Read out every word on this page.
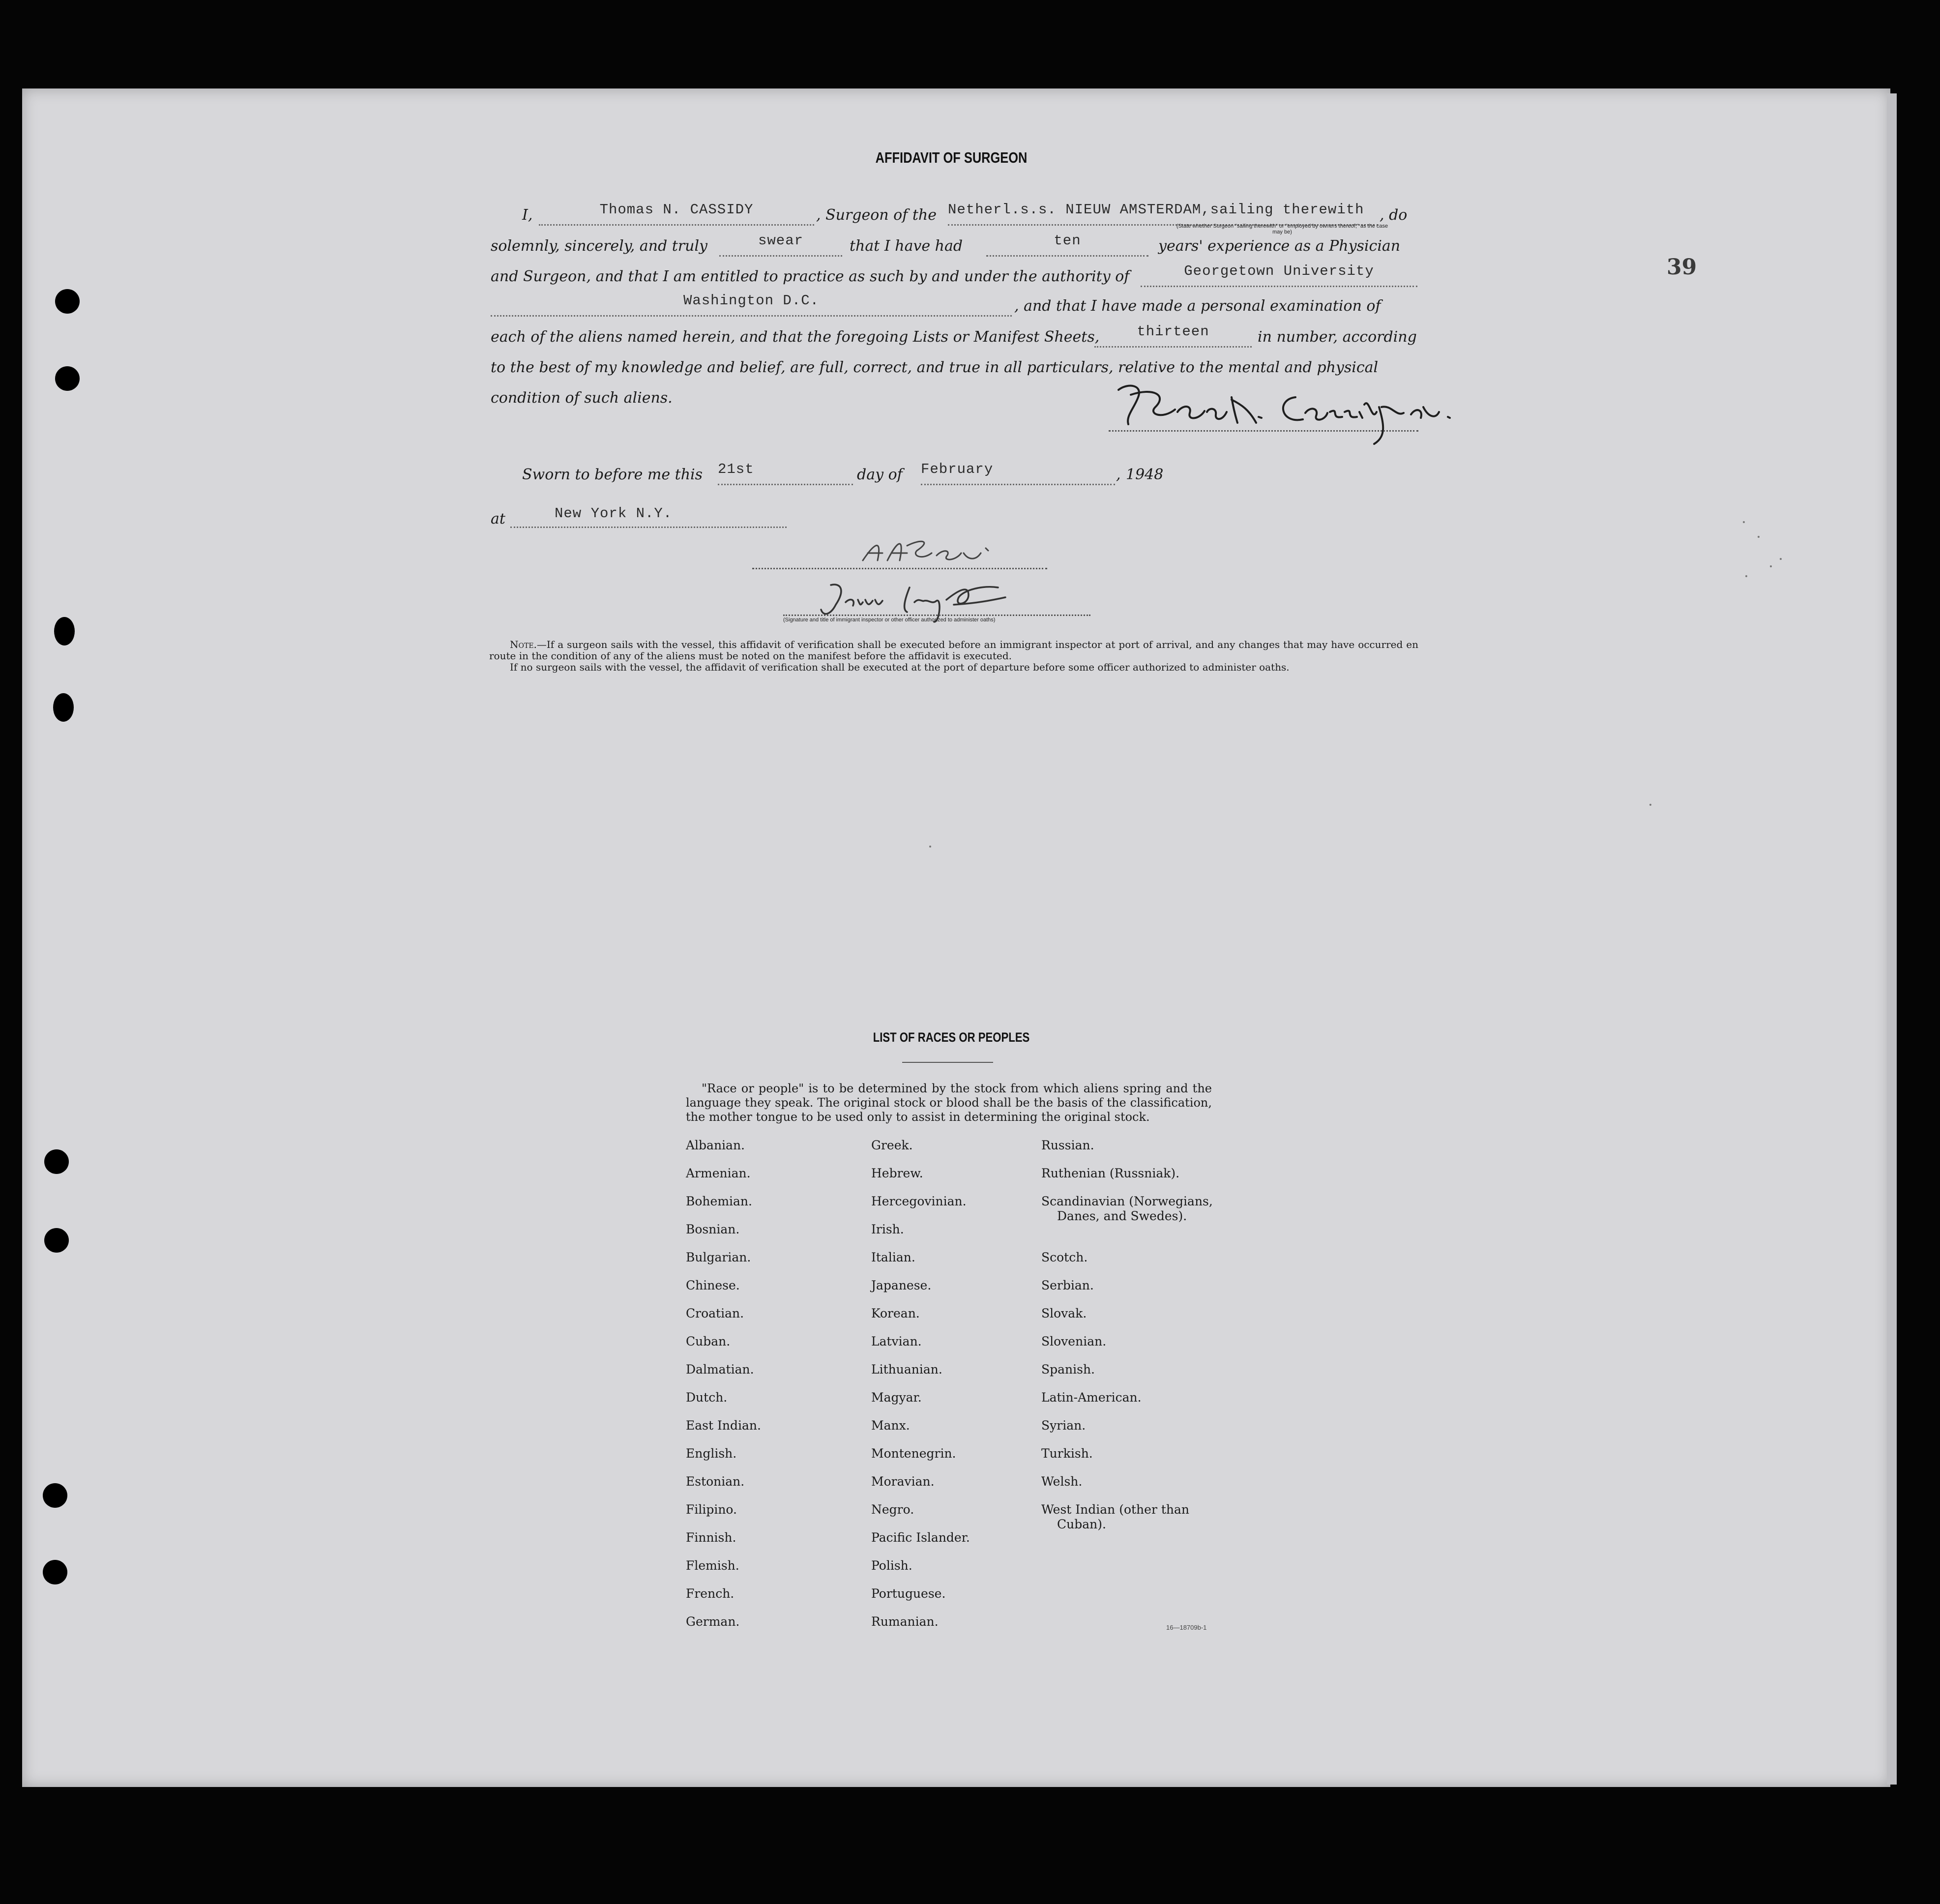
39
AFFIDAVIT OF SURGEON
I,	Thomas N. CASSIDY	, Surgeon of the Netherl.s.s. NIEUW AMSTERDAM,sailing therewith	, do
(State whether Surgeon "sailing therewith" or "employed by owners thereof," as the case may be)
solemnly, sincerely, and truly	swear	that I have had	ten	years' experience as a Physician
and Surgeon, and that I am entitled to practice as such by and under the authority of	Georgetown University
Washington D.C.	, and that I have made a personal examination of
each of the aliens named herein, and that the foregoing Lists or Manifest Sheets,	thirteen	in number, according
to the best of my knowledge and belief, are full, correct, and true in all particulars, relative to the mental and physical
condition of such aliens.
Sworn to before me this 21st	day of February	, 1948
at	New York N.Y.
(Signature and title of immigrant inspector or other officer authorized to administer oaths)

Note.—If a surgeon sails with the vessel, this affidavit of verification shall be executed before an immigrant inspector at port of arrival, and any changes that may have occurred en route in the condition of any of the aliens must be noted on the manifest before the affidavit is executed.

If no surgeon sails with the vessel, the affidavit of verification shall be executed at the port of departure before some officer authorized to administer oaths.

LIST OF RACES OR PEOPLES
"Race or people" is to be determined by the stock from which aliens spring and the language they speak. The original stock or blood shall be the basis of the classification, the mother tongue to be used only to assist in determining the original stock.
Albanian.
Armenian.
Bohemian.
Bosnian.
Bulgarian.
Chinese.
Croatian.
Cuban.
Dalmatian.
Dutch.
East Indian.
English.
Estonian.
Filipino.
Finnish.
Flemish.
French.
German.
Greek.
Hebrew.
Hercegovinian.
Irish.
Italian.
Japanese.
Korean.
Latvian.
Lithuanian.
Magyar.
Manx.
Montenegrin.
Moravian.
Negro.
Pacific Islander.
Polish.
Portuguese.
Rumanian.
Russian.
Ruthenian (Russniak).
Scandinavian (Norwegians,
Danes, and Swedes).
Scotch.
Serbian.
Slovak.
Slovenian.
Spanish.
Latin-American.
Syrian.
Turkish.
Welsh.
West Indian (other than
Cuban).
16—18709b-1
